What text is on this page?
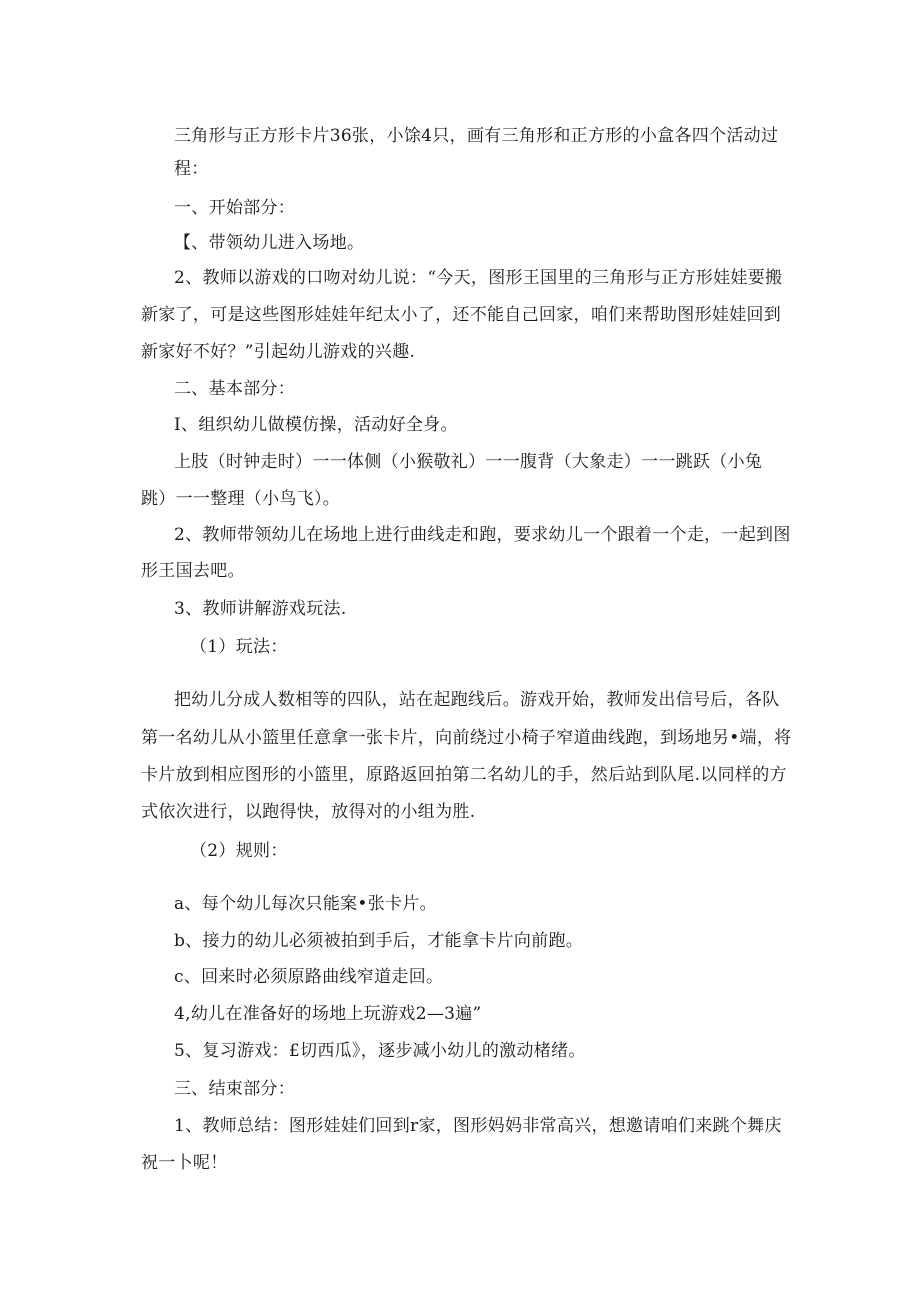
三角形与正方形卡片36张，小馀4只，画有三角形和正方形的小盒各四个活动过
程：
一、开始部分：
【、带领幼儿进入场地。
2、教师以游戏的口吻对幼儿说：“今天，图形王国里的三角形与正方形娃娃要搬
新家了，可是这些图形娃娃年纪太小了，还不能自己回家，咱们来帮助图形娃娃回到
新家好不好？”引起幼儿游戏的兴趣.
二、基本部分：
I、组织幼儿做模仿操，活动好全身。
上肢（时钟走时）一一体侧（小猴敬礼）一一腹背（大象走）一一跳跃（小兔
跳）一一整理（小鸟飞）。
2、教师带领幼儿在场地上进行曲线走和跑，要求幼儿一个跟着一个走，一起到图
形王国去吧。
3、教师讲解游戏玩法.
（1）玩法：
把幼儿分成人数相等的四队，站在起跑线后。游戏开始，教师发出信号后，各队
第一名幼儿从小篮里任意拿一张卡片，向前绕过小椅子窄道曲线跑，到场地另•端，将
卡片放到相应图形的小篮里，原路返回拍第二名幼儿的手，然后站到队尾.以同样的方
式依次进行，以跑得快，放得对的小组为胜.
（2）规则：
a、每个幼儿每次只能案•张卡片。
b、接力的幼儿必须被拍到手后，才能拿卡片向前跑。
c、回来时必须原路曲线窄道走回。
4,幼儿在准备好的场地上玩游戏2—3遍”
5、复习游戏：£切西瓜》，逐步减小幼儿的激动楮绪。
三、结束部分：
1、教师总结：图形娃娃们回到r家，图形妈妈非常高兴，想邀请咱们来跳个舞庆
祝一卜呢！
